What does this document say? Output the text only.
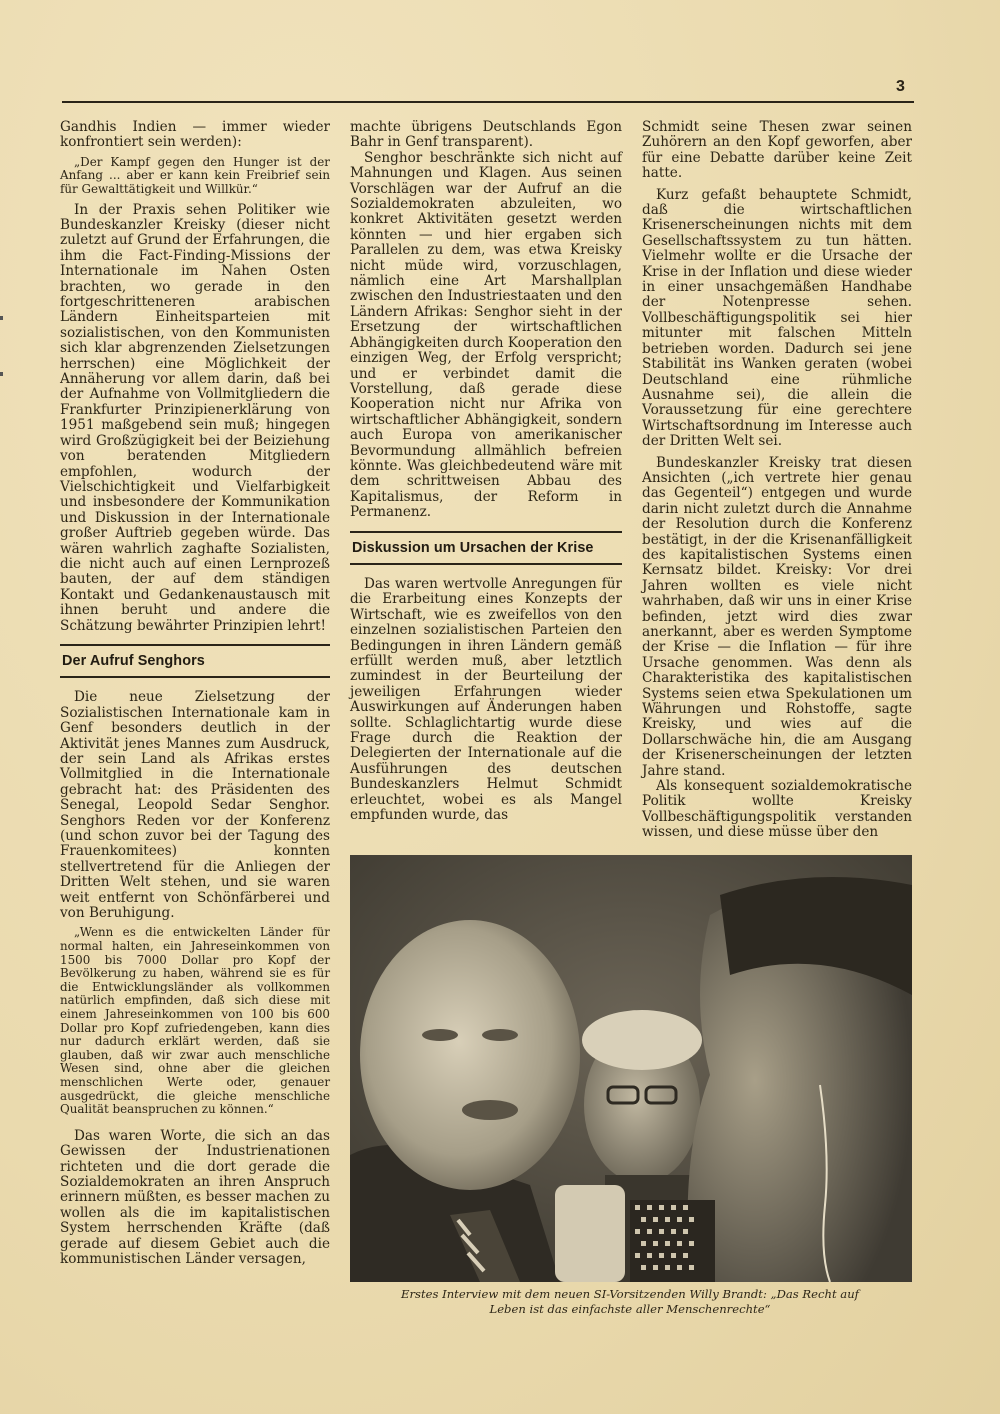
3

Gandhis Indien — immer wieder konfrontiert sein werden):

„Der Kampf gegen den Hunger ist der Anfang ... aber er kann kein Freibrief sein für Gewalttätigkeit und Willkür.“

In der Praxis sehen Politiker wie Bundeskanzler Kreisky (dieser nicht zuletzt auf Grund der Erfahrungen, die ihm die Fact-Finding-Missions der Internationale im Nahen Osten brachten, wo gerade in den fortgeschritteneren arabischen Ländern Einheitsparteien mit sozialistischen, von den Kommunisten sich klar abgrenzenden Zielsetzungen herrschen) eine Möglichkeit der Annäherung vor allem darin, daß bei der Aufnahme von Vollmitgliedern die Frankfurter Prinzipienerklärung von 1951 maßgebend sein muß; hingegen wird Großzügigkeit bei der Beiziehung von beratenden Mitgliedern empfohlen, wodurch der Vielschichtigkeit und Vielfarbigkeit und insbesondere der Kommunikation und Diskussion in der Internationale großer Auftrieb gegeben würde. Das wären wahrlich zaghafte Sozialisten, die nicht auch auf einen Lernprozeß bauten, der auf dem ständigen Kontakt und Gedankenaustausch mit ihnen beruht und andere die Schätzung bewährter Prinzipien lehrt!

Der Aufruf Senghors

Die neue Zielsetzung der Sozialistischen Internationale kam in Genf besonders deutlich in der Aktivität jenes Mannes zum Ausdruck, der sein Land als Afrikas erstes Vollmitglied in die Internationale gebracht hat: des Präsidenten des Senegal, Leopold Sedar Senghor. Senghors Reden vor der Konferenz (und schon zuvor bei der Tagung des Frauenkomitees) konnten stellvertretend für die Anliegen der Dritten Welt stehen, und sie waren weit entfernt von Schönfärberei und von Beruhigung.

„Wenn es die entwickelten Länder für normal halten, ein Jahreseinkommen von 1500 bis 7000 Dollar pro Kopf der Bevölkerung zu haben, während sie es für die Entwicklungsländer als vollkommen natürlich empfinden, daß sich diese mit einem Jahreseinkommen von 100 bis 600 Dollar pro Kopf zufriedengeben, kann dies nur dadurch erklärt werden, daß sie glauben, daß wir zwar auch menschliche Wesen sind, ohne aber die gleichen menschlichen Werte oder, genauer ausgedrückt, die gleiche menschliche Qualität beanspruchen zu können.“

Das waren Worte, die sich an das Gewissen der Industrienationen richteten und die dort gerade die Sozialdemokraten an ihren Anspruch erinnern müßten, es besser machen zu wollen als die im kapitalistischen System herrschenden Kräfte (daß gerade auf diesem Gebiet auch die kommunistischen Länder versagen,

machte übrigens Deutschlands Egon Bahr in Genf transparent).

Senghor beschränkte sich nicht auf Mahnungen und Klagen. Aus seinen Vorschlägen war der Aufruf an die Sozialdemokraten abzuleiten, wo konkret Aktivitäten gesetzt werden könnten — und hier ergaben sich Parallelen zu dem, was etwa Kreisky nicht müde wird, vorzuschlagen, nämlich eine Art Marshallplan zwischen den Industriestaaten und den Ländern Afrikas: Senghor sieht in der Ersetzung der wirtschaftlichen Abhängigkeiten durch Kooperation den einzigen Weg, der Erfolg verspricht; und er verbindet damit die Vorstellung, daß gerade diese Kooperation nicht nur Afrika von wirtschaftlicher Abhängigkeit, sondern auch Europa von amerikanischer Bevormundung allmählich befreien könnte. Was gleichbedeutend wäre mit dem schrittweisen Abbau des Kapitalismus, der Reform in Permanenz.

Diskussion um Ursachen der Krise

Das waren wertvolle Anregungen für die Erarbeitung eines Konzepts der Wirtschaft, wie es zweifellos von den einzelnen sozialistischen Parteien den Bedingungen in ihren Ländern gemäß erfüllt werden muß, aber letztlich zumindest in der Beurteilung der jeweiligen Erfahrungen wieder Auswirkungen auf Änderungen haben sollte. Schlaglichtartig wurde diese Frage durch die Reaktion der Delegierten der Internationale auf die Ausführungen des deutschen Bundeskanzlers Helmut Schmidt erleuchtet, wobei es als Mangel empfunden wurde, das

Schmidt seine Thesen zwar seinen Zuhörern an den Kopf geworfen, aber für eine Debatte darüber keine Zeit hatte.

Kurz gefaßt behauptete Schmidt, daß die wirtschaftlichen Krisenerscheinungen nichts mit dem Gesellschaftssystem zu tun hätten. Vielmehr wollte er die Ursache der Krise in der Inflation und diese wieder in einer unsachgemäßen Handhabe der Notenpresse sehen. Vollbeschäftigungspolitik sei hier mitunter mit falschen Mitteln betrieben worden. Dadurch sei jene Stabilität ins Wanken geraten (wobei Deutschland eine rühmliche Ausnahme sei), die allein die Voraussetzung für eine gerechtere Wirtschaftsordnung im Interesse auch der Dritten Welt sei.

Bundeskanzler Kreisky trat diesen Ansichten („ich vertrete hier genau das Gegenteil“) entgegen und wurde darin nicht zuletzt durch die Annahme der Resolution durch die Konferenz bestätigt, in der die Krisenanfälligkeit des kapitalistischen Systems einen Kernsatz bildet. Kreisky: Vor drei Jahren wollten es viele nicht wahrhaben, daß wir uns in einer Krise befinden, jetzt wird dies zwar anerkannt, aber es werden Symptome der Krise — die Inflation — für ihre Ursache genommen. Was denn als Charakteristika des kapitalistischen Systems seien etwa Spekulationen um Währungen und Rohstoffe, sagte Kreisky, und wies auf die Dollarschwäche hin, die am Ausgang der Krisenerscheinungen der letzten Jahre stand.

Als konsequent sozialdemokratische Politik wollte Kreisky Vollbeschäftigungspolitik verstanden wissen, und diese müsse über den

Erstes Interview mit dem neuen SI-Vorsitzenden Willy Brandt: „Das Recht auf
Leben ist das einfachste aller Menschenrechte“
